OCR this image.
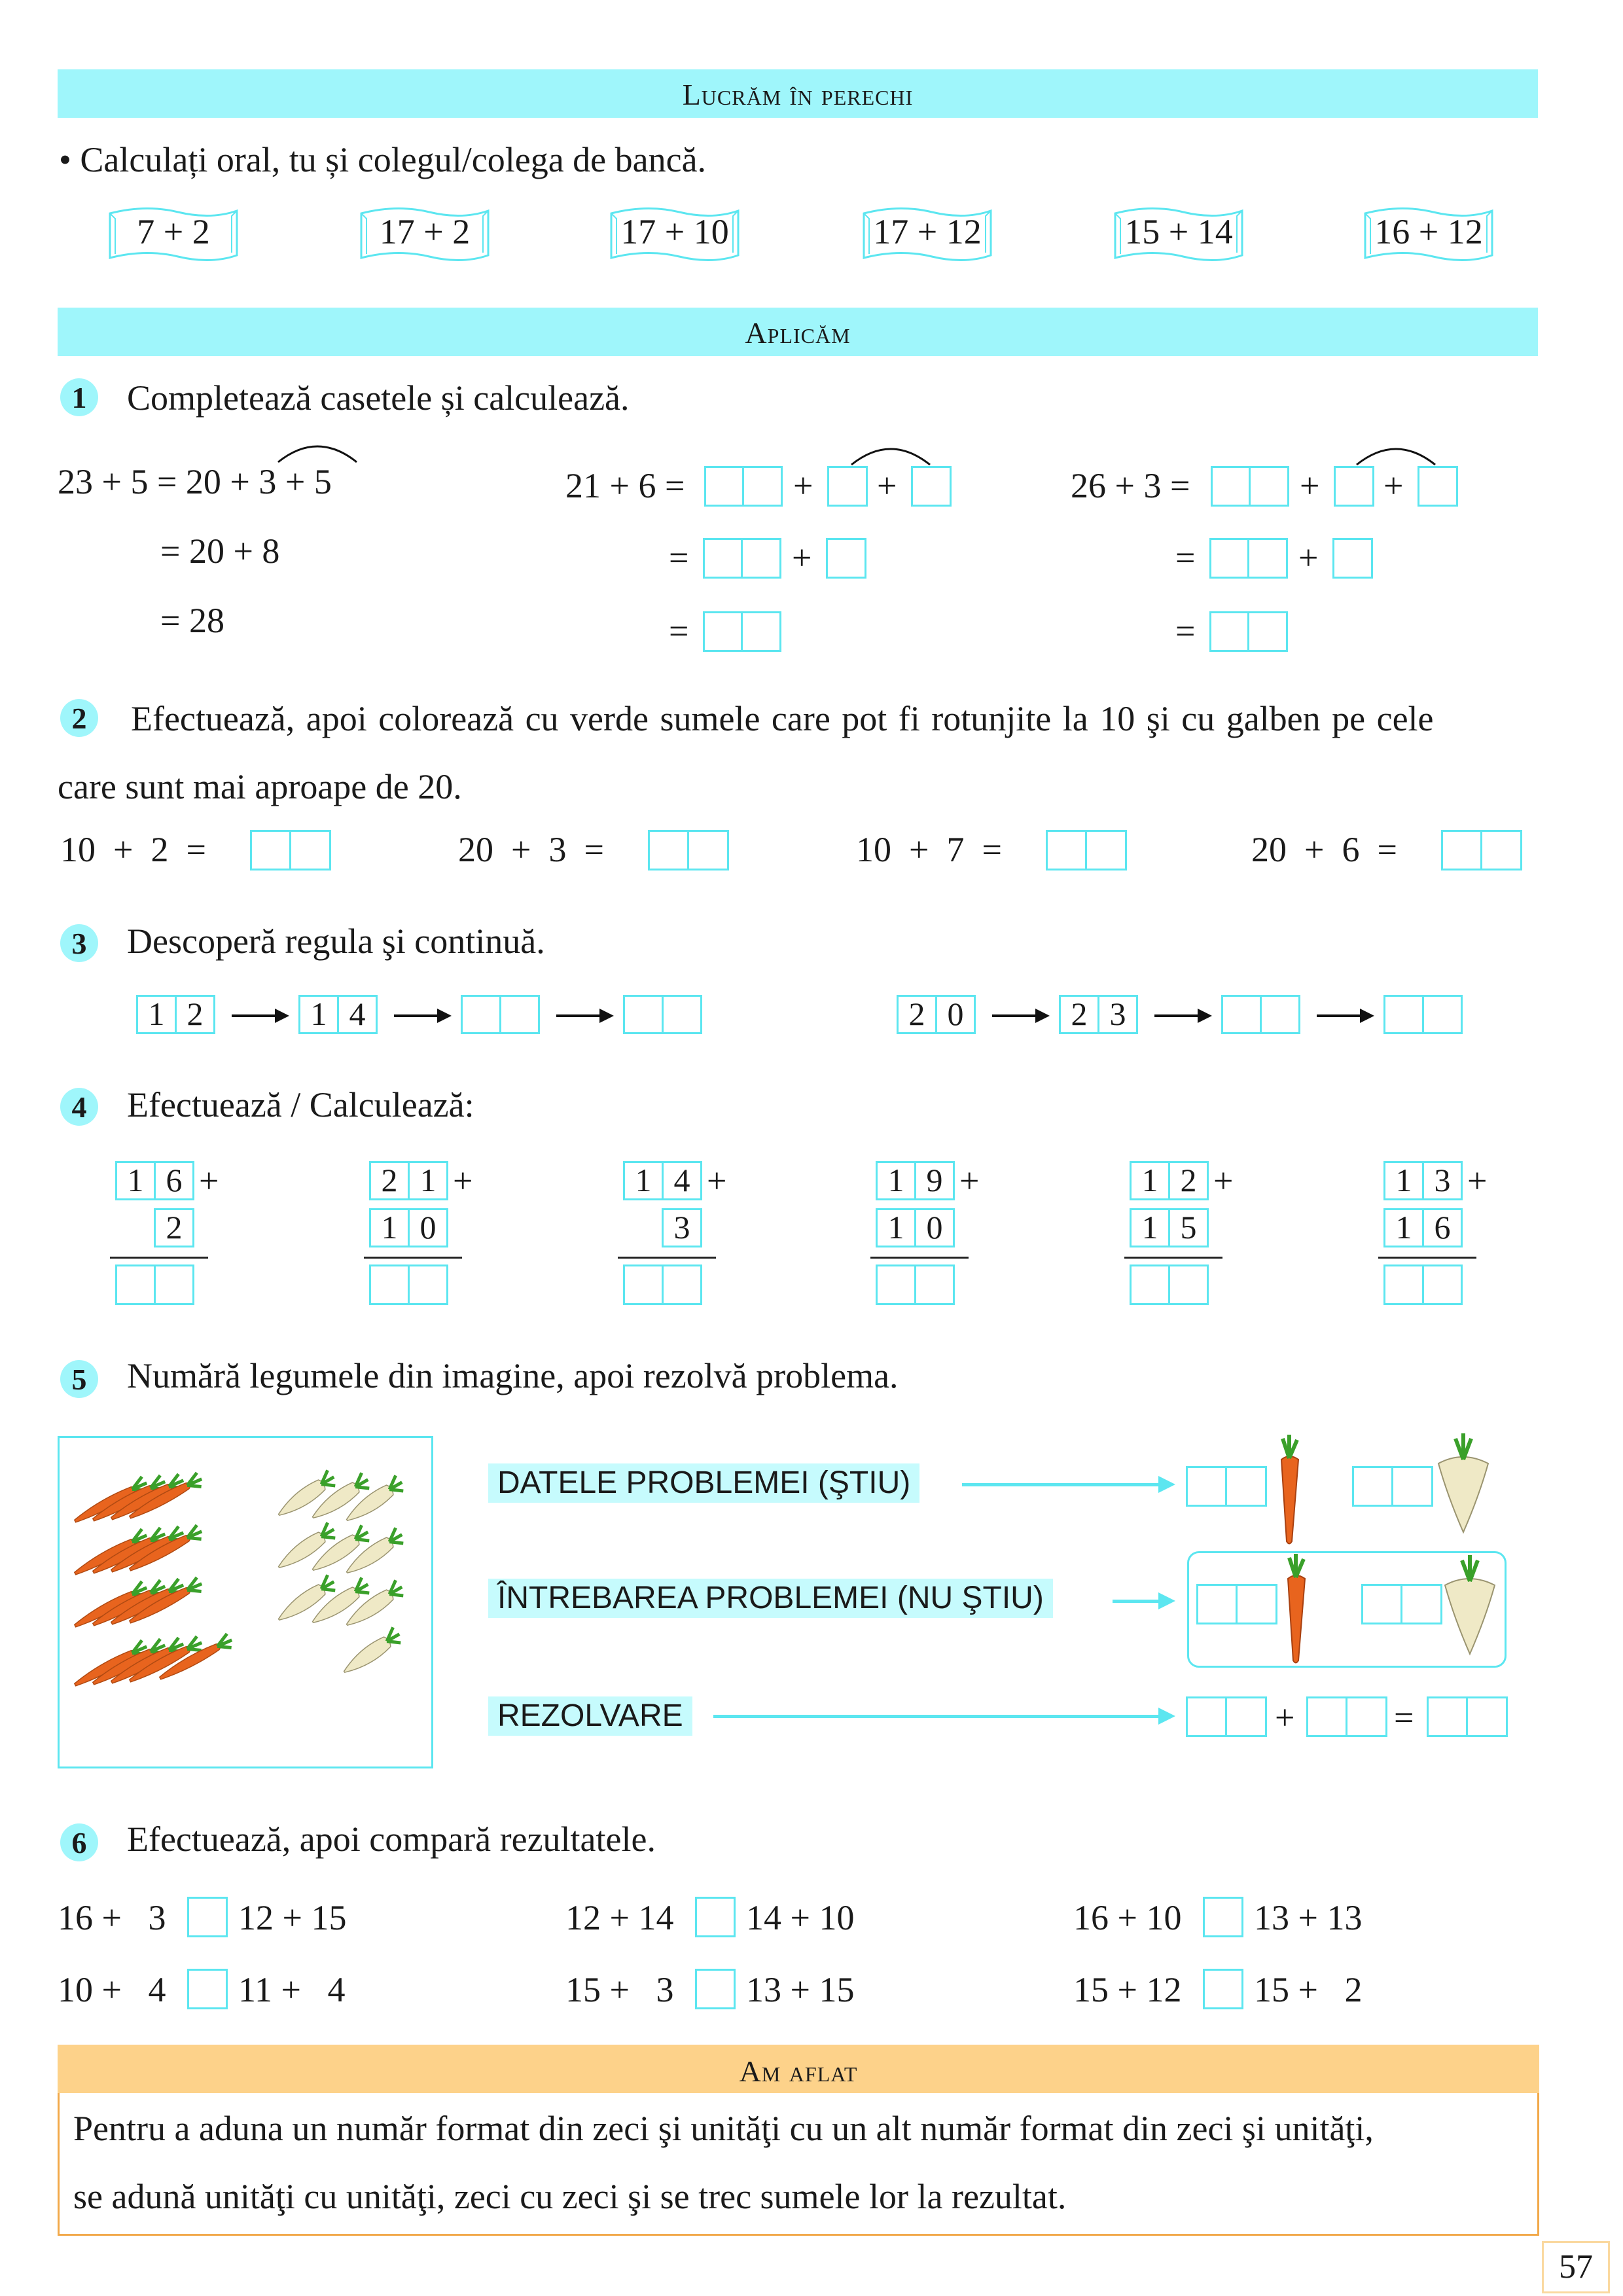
Lucrăm în perechi
• Calculați oral, tu și colegul/colega de bancă.
7 + 2	17 + 2	17 + 10	17 + 12	15 + 14	16 + 12
Aplicăm
1	Completează casetele și calculează.
23 + 5 = 20 + 3 + 5
= 20 + 8
= 28
21 + 6 =	+ +
=	+
=
26 + 3 =	+ +
=	+
=
2	Efectuează, apoi colorează cu verde sumele care pot fi rotunjite la 10 şi cu galben pe cele
care sunt mai aproape de 20.
10  +  2  =	20  +  3  =	10  +  7  =	20  +  6  =
3	Descoperă regula şi continuă.
1 2	1 4	2 0	2 3
4	Efectuează / Calculează:
1 6 +
2
2 1 +
1 0
1 4 +
3
1 9 +
1 0
1 2 +
1 5
1 3 +
1 6
5	Numără legumele din imagine, apoi rezolvă problema.
DATELE PROBLEMEI (ŞTIU)
ÎNTREBAREA PROBLEMEI (NU ŞTIU)
REZOLVARE	+	=
6	Efectuează, apoi compară rezultatele.
16 +   3 12 + 15	12 + 14 14 + 10	16 + 10 13 + 13
10 +   4 11 +   4	15 +   3 13 + 15	15 + 12 15 +   2
Am aflat
Pentru a aduna un număr format din zeci şi unităţi cu un alt număr format din zeci şi unităţi,
se adună unităţi cu unităţi, zeci cu zeci şi se trec sumele lor la rezultat.
57
